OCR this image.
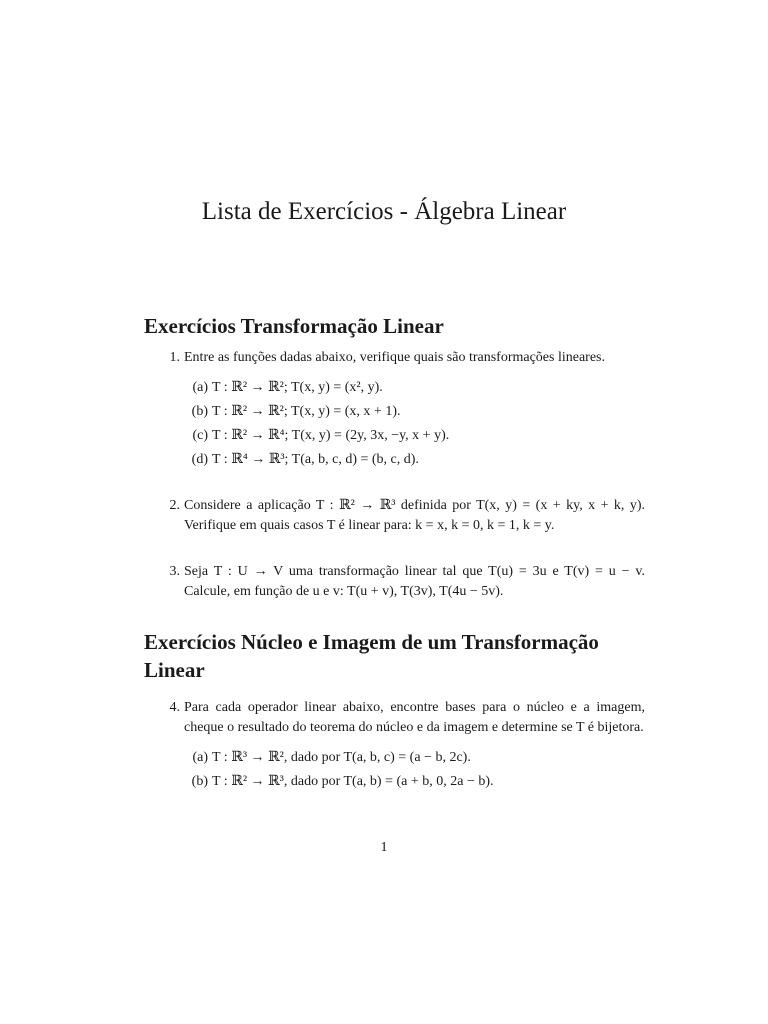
Lista de Exercícios - Álgebra Linear
Exercícios Transformação Linear
1. Entre as funções dadas abaixo, verifique quais são transformações lineares.
(a) T : ℝ² → ℝ²; T(x, y) = (x², y).
(b) T : ℝ² → ℝ²; T(x, y) = (x, x + 1).
(c) T : ℝ² → ℝ⁴; T(x, y) = (2y, 3x, −y, x + y).
(d) T : ℝ⁴ → ℝ³; T(a, b, c, d) = (b, c, d).
2. Considere a aplicação T : ℝ² → ℝ³ definida por T(x, y) = (x + ky, x + k, y). Verifique em quais casos T é linear para: k = x, k = 0, k = 1, k = y.
3. Seja T : U → V uma transformação linear tal que T(u) = 3u e T(v) = u − v. Calcule, em função de u e v: T(u + v), T(3v), T(4u − 5v).
Exercícios Núcleo e Imagem de um Transformação Linear
4. Para cada operador linear abaixo, encontre bases para o núcleo e a imagem, cheque o resultado do teorema do núcleo e da imagem e determine se T é bijetora.
(a) T : ℝ³ → ℝ², dado por T(a, b, c) = (a − b, 2c).
(b) T : ℝ² → ℝ³, dado por T(a, b) = (a + b, 0, 2a − b).
1
